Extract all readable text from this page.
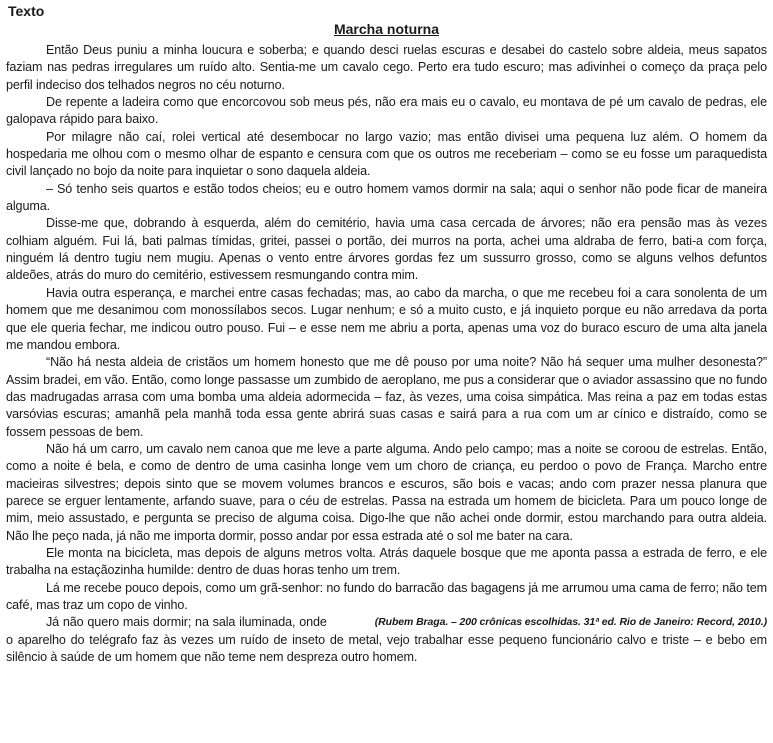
Texto
Marcha noturna

Então Deus puniu a minha loucura e soberba; e quando desci ruelas escuras e desabei do castelo sobre aldeia, meus sapatos faziam nas pedras irregulares um ruído alto. Sentia-me um cavalo cego. Perto era tudo escuro; mas adivinhei o começo da praça pelo perfil indeciso dos telhados negros no céu noturno.

De repente a ladeira como que encorcovou sob meus pés, não era mais eu o cavalo, eu montava de pé um cavalo de pedras, ele galopava rápido para baixo.

Por milagre não caí, rolei vertical até desembocar no largo vazio; mas então divisei uma pequena luz além. O homem da hospedaria me olhou com o mesmo olhar de espanto e censura com que os outros me receberiam – como se eu fosse um paraquedista civil lançado no bojo da noite para inquietar o sono daquela aldeia.

– Só tenho seis quartos e estão todos cheios; eu e outro homem vamos dormir na sala; aqui o senhor não pode ficar de maneira alguma.

Disse-me que, dobrando à esquerda, além do cemitério, havia uma casa cercada de árvores; não era pensão mas às vezes colhiam alguém. Fui lá, bati palmas tímidas, gritei, passei o portão, dei murros na porta, achei uma aldraba de ferro, bati-a com força, ninguém lá dentro tugiu nem mugiu. Apenas o vento entre árvores gordas fez um sussurro grosso, como se alguns velhos defuntos aldeões, atrás do muro do cemitério, estivessem resmungando contra mim.

Havia outra esperança, e marchei entre casas fechadas; mas, ao cabo da marcha, o que me recebeu foi a cara sonolenta de um homem que me desanimou com monossílabos secos. Lugar nenhum; e só a muito custo, e já inquieto porque eu não arredava da porta que ele queria fechar, me indicou outro pouso. Fui – e esse nem me abriu a porta, apenas uma voz do buraco escuro de uma alta janela me mandou embora.

“Não há nesta aldeia de cristãos um homem honesto que me dê pouso por uma noite? Não há sequer uma mulher desonesta?” Assim bradei, em vão. Então, como longe passasse um zumbido de aeroplano, me pus a considerar que o aviador assassino que no fundo das madrugadas arrasa com uma bomba uma aldeia adormecida – faz, às vezes, uma coisa simpática. Mas reina a paz em todas estas varsóvias escuras; amanhã pela manhã toda essa gente abrirá suas casas e sairá para a rua com um ar cínico e distraído, como se fossem pessoas de bem.

Não há um carro, um cavalo nem canoa que me leve a parte alguma. Ando pelo campo; mas a noite se coroou de estrelas. Então, como a noite é bela, e como de dentro de uma casinha longe vem um choro de criança, eu perdoo o povo de França. Marcho entre macieiras silvestres; depois sinto que se movem volumes brancos e escuros, são bois e vacas; ando com prazer nessa planura que parece se erguer lentamente, arfando suave, para o céu de estrelas. Passa na estrada um homem de bicicleta. Para um pouco longe de mim, meio assustado, e pergunta se preciso de alguma coisa. Digo-lhe que não achei onde dormir, estou marchando para outra aldeia. Não lhe peço nada, já não me importa dormir, posso andar por essa estrada até o sol me bater na cara.

Ele monta na bicicleta, mas depois de alguns metros volta. Atrás daquele bosque que me aponta passa a estrada de ferro, e ele trabalha na estaçãozinha humilde: dentro de duas horas tenho um trem.

Lá me recebe pouco depois, como um grã-senhor: no fundo do barracão das bagagens já me arrumou uma cama de ferro; não tem café, mas traz um copo de vinho.

(Rubem Braga. – 200 crônicas escolhidas. 31ª ed. Rio de Janeiro: Record, 2010.)
Já não quero mais dormir; na sala iluminada, onde o aparelho do telégrafo faz às vezes um ruído de inseto de metal, vejo trabalhar esse pequeno funcionário calvo e triste – e bebo em silêncio à saúde de um homem que não teme nem despreza outro homem.
